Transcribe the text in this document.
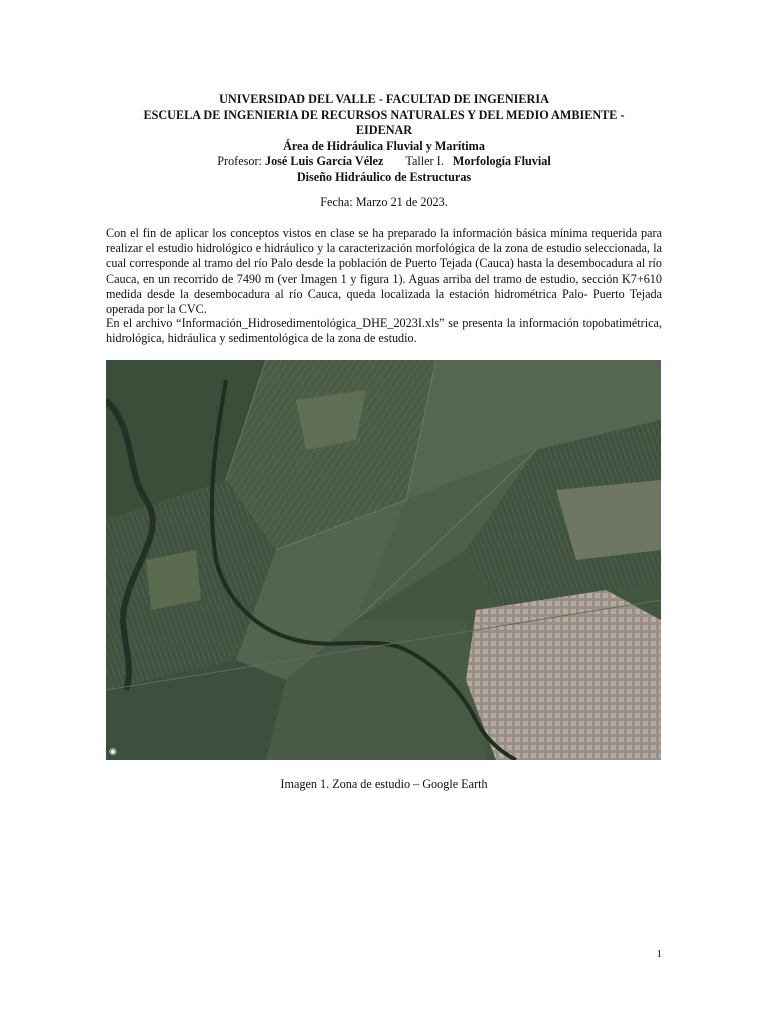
UNIVERSIDAD DEL VALLE - FACULTAD DE INGENIERIA
ESCUELA DE INGENIERIA DE RECURSOS NATURALES Y DEL MEDIO AMBIENTE -
EIDENAR
Área de Hidráulica Fluvial y Marítima
Profesor: José Luis García Vélez Taller I. Morfología Fluvial
Diseño Hidráulico de Estructuras
Fecha: Marzo 21 de 2023.

Con el fin de aplicar los conceptos vistos en clase se ha preparado la información básica mínima requerida para realizar el estudio hidrológico e hidráulico y la caracterización morfológica de la zona de estudio seleccionada, la cual corresponde al tramo del río Palo desde la población de Puerto Tejada (Cauca) hasta la desembocadura al río Cauca, en un recorrido de 7490 m (ver Imagen 1 y figura 1). Aguas arriba del tramo de estudio, sección K7+610 medida desde la desembocadura al río Cauca, queda localizada la estación hidrométrica Palo- Puerto Tejada operada por la CVC.

En el archivo “Información_Hidrosedimentológica_DHE_2023I.xls” se presenta la información topobatimétrica, hidrológica, hidráulica y sedimentológica de la zona de estudio.

◉
Imagen 1. Zona de estudio – Google Earth
1
